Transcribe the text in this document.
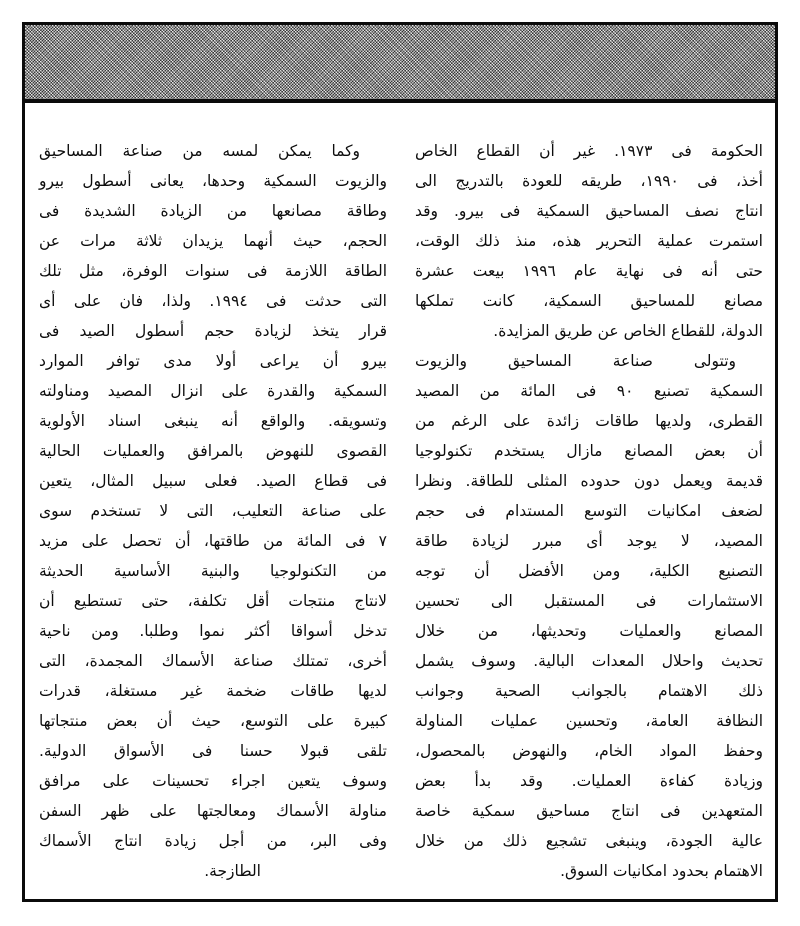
الحكومة فى ١٩٧٣. غير أن القطاع الخاص
أخذ، فى ١٩٩٠، طريقه للعودة بالتدريج الى
انتاج نصف المساحيق السمكية فى بيرو. وقد
استمرت عملية التحرير هذه، منذ ذلك الوقت،
حتى أنه فى نهاية عام ١٩٩٦ بيعت عشرة
مصانع للمساحيق السمكية، كانت تملكها
الدولة، للقطاع الخاص عن طريق المزايدة.
وتتولى صناعة المساحيق والزيوت
السمكية تصنيع ٩٠ فى المائة من المصيد
القطرى، ولديها طاقات زائدة على الرغم من
أن بعض المصانع مازال يستخدم تكنولوجيا
قديمة ويعمل دون حدوده المثلى للطاقة. ونظرا
لضعف امكانيات التوسع المستدام فى حجم
المصيد، لا يوجد أى مبرر لزيادة طاقة
التصنيع الكلية، ومن الأفضل أن توجه
الاستثمارات فى المستقبل الى تحسين
المصانع والعمليات وتحديثها، من خلال
تحديث واحلال المعدات البالية. وسوف يشمل
ذلك الاهتمام بالجوانب الصحية وجوانب
النظافة العامة، وتحسين عمليات المناولة
وحفظ المواد الخام، والنهوض بالمحصول،
وزيادة كفاءة العمليات. وقد بدأ بعض
المتعهدين فى انتاج مساحيق سمكية خاصة
عالية الجودة، وينبغى تشجيع ذلك من خلال
الاهتمام بحدود امكانيات السوق.
وكما يمكن لمسه من صناعة المساحيق
والزيوت السمكية وحدها، يعانى أسطول بيرو
وطاقة مصانعها من الزيادة الشديدة فى
الحجم، حيث أنهما يزيدان ثلاثة مرات عن
الطاقة اللازمة فى سنوات الوفرة، مثل تلك
التى حدثت فى ١٩٩٤. ولذا، فان على أى
قرار يتخذ لزيادة حجم أسطول الصيد فى
بيرو أن يراعى أولا مدى توافر الموارد
السمكية والقدرة على انزال المصيد ومناولته
وتسويقه. والواقع أنه ينبغى اسناد الأولوية
القصوى للنهوض بالمرافق والعمليات الحالية
فى قطاع الصيد. فعلى سبيل المثال، يتعين
على صناعة التعليب، التى لا تستخدم سوى
٧ فى المائة من طاقتها، أن تحصل على مزيد
من التكنولوجيا والبنية الأساسية الحديثة
لانتاج منتجات أقل تكلفة، حتى تستطيع أن
تدخل أسواقا أكثر نموا وطلبا. ومن ناحية
أخرى، تمتلك صناعة الأسماك المجمدة، التى
لديها طاقات ضخمة غير مستغلة، قدرات
كبيرة على التوسع، حيث أن بعض منتجاتها
تلقى قبولا حسنا فى الأسواق الدولية.
وسوف يتعين اجراء تحسينات على مرافق
مناولة الأسماك ومعالجتها على ظهر السفن
وفى البر، من أجل زيادة انتاج الأسماك
الطازجة.
